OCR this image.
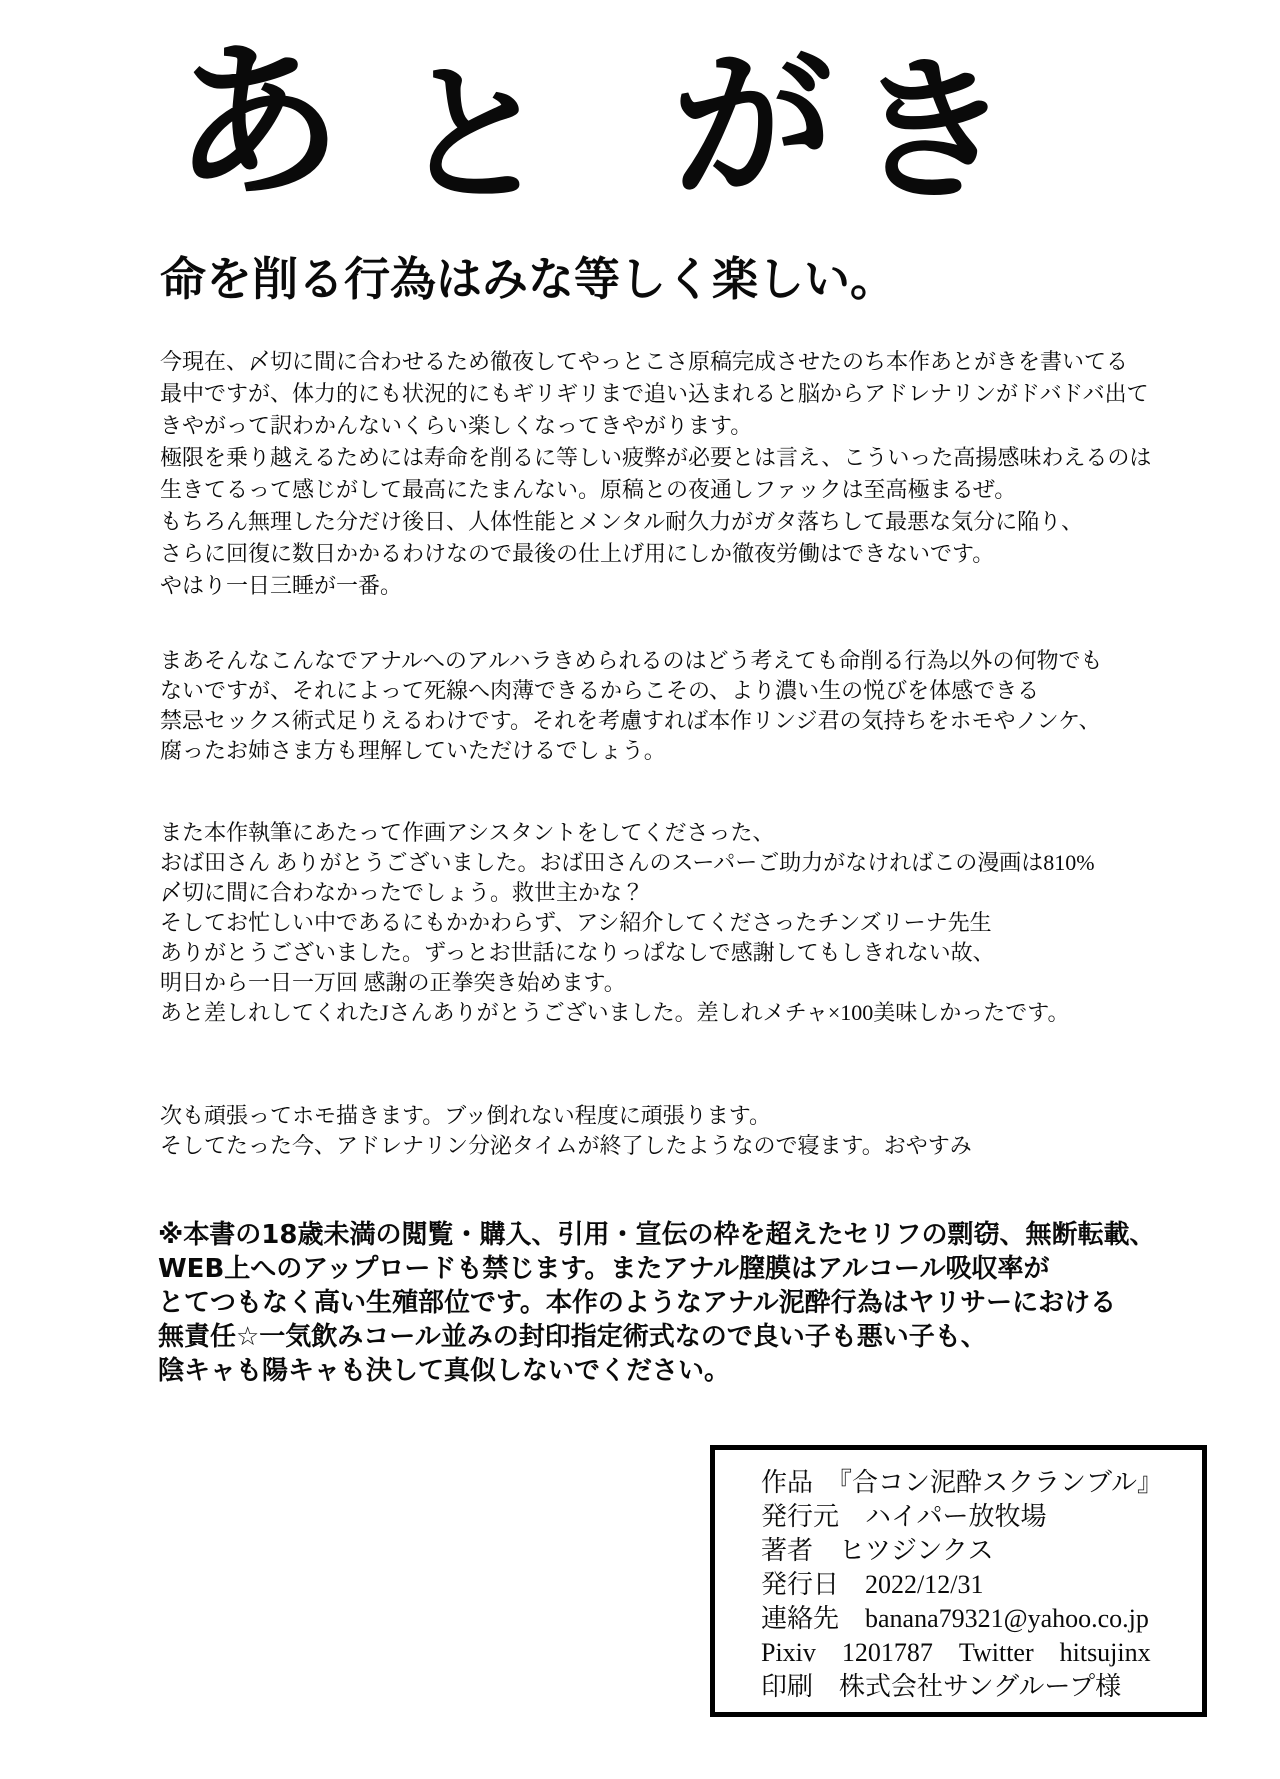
あ と がき
命を削る行為はみな等しく楽しい。
今現在、〆切に間に合わせるため徹夜してやっとこさ原稿完成させたのち本作あとがきを書いてる
最中ですが、体力的にも状況的にもギリギリまで追い込まれると脳からアドレナリンがドバドバ出て
きやがって訳わかんないくらい楽しくなってきやがります。
極限を乗り越えるためには寿命を削るに等しい疲弊が必要とは言え、こういった高揚感味わえるのは
生きてるって感じがして最高にたまんない。原稿との夜通しファックは至高極まるぜ。
もちろん無理した分だけ後日、人体性能とメンタル耐久力がガタ落ちして最悪な気分に陥り、
さらに回復に数日かかるわけなので最後の仕上げ用にしか徹夜労働はできないです。
やはり一日三睡が一番。
まあそんなこんなでアナルへのアルハラきめられるのはどう考えても命削る行為以外の何物でも
ないですが、それによって死線へ肉薄できるからこその、より濃い生の悦びを体感できる
禁忌セックス術式足りえるわけです。それを考慮すれば本作リンジ君の気持ちをホモやノンケ、
腐ったお姉さま方も理解していただけるでしょう。
また本作執筆にあたって作画アシスタントをしてくださった、
おば田さん ありがとうございました。おば田さんのスーパーご助力がなければこの漫画は810%
〆切に間に合わなかったでしょう。救世主かな？
そしてお忙しい中であるにもかかわらず、アシ紹介してくださったチンズリーナ先生
ありがとうございました。ずっとお世話になりっぱなしで感謝してもしきれない故、
明日から一日一万回 感謝の正拳突き始めます。
あと差しれしてくれたJさんありがとうございました。差しれメチャ×100美味しかったです。
次も頑張ってホモ描きます。ブッ倒れない程度に頑張ります。
そしてたった今、アドレナリン分泌タイムが終了したようなので寝ます。おやすみ
※本書の18歳未満の閲覧・購入、引用・宣伝の枠を超えたセリフの剽窃、無断転載、
WEB上へのアップロードも禁じます。またアナル膣膜はアルコール吸収率が
とてつもなく高い生殖部位です。本作のようなアナル泥酔行為はヤリサーにおける
無責任☆一気飲みコール並みの封印指定術式なので良い子も悪い子も、
陰キャも陽キャも決して真似しないでください。
作品　『合コン泥酔スクランブル』
発行元　ハイパー放牧場
著者　ヒツジンクス
発行日　2022/12/31
連絡先　banana79321@yahoo.co.jp
Pixiv　1201787　Twitter　hitsujinx
印刷　株式会社サングループ様
